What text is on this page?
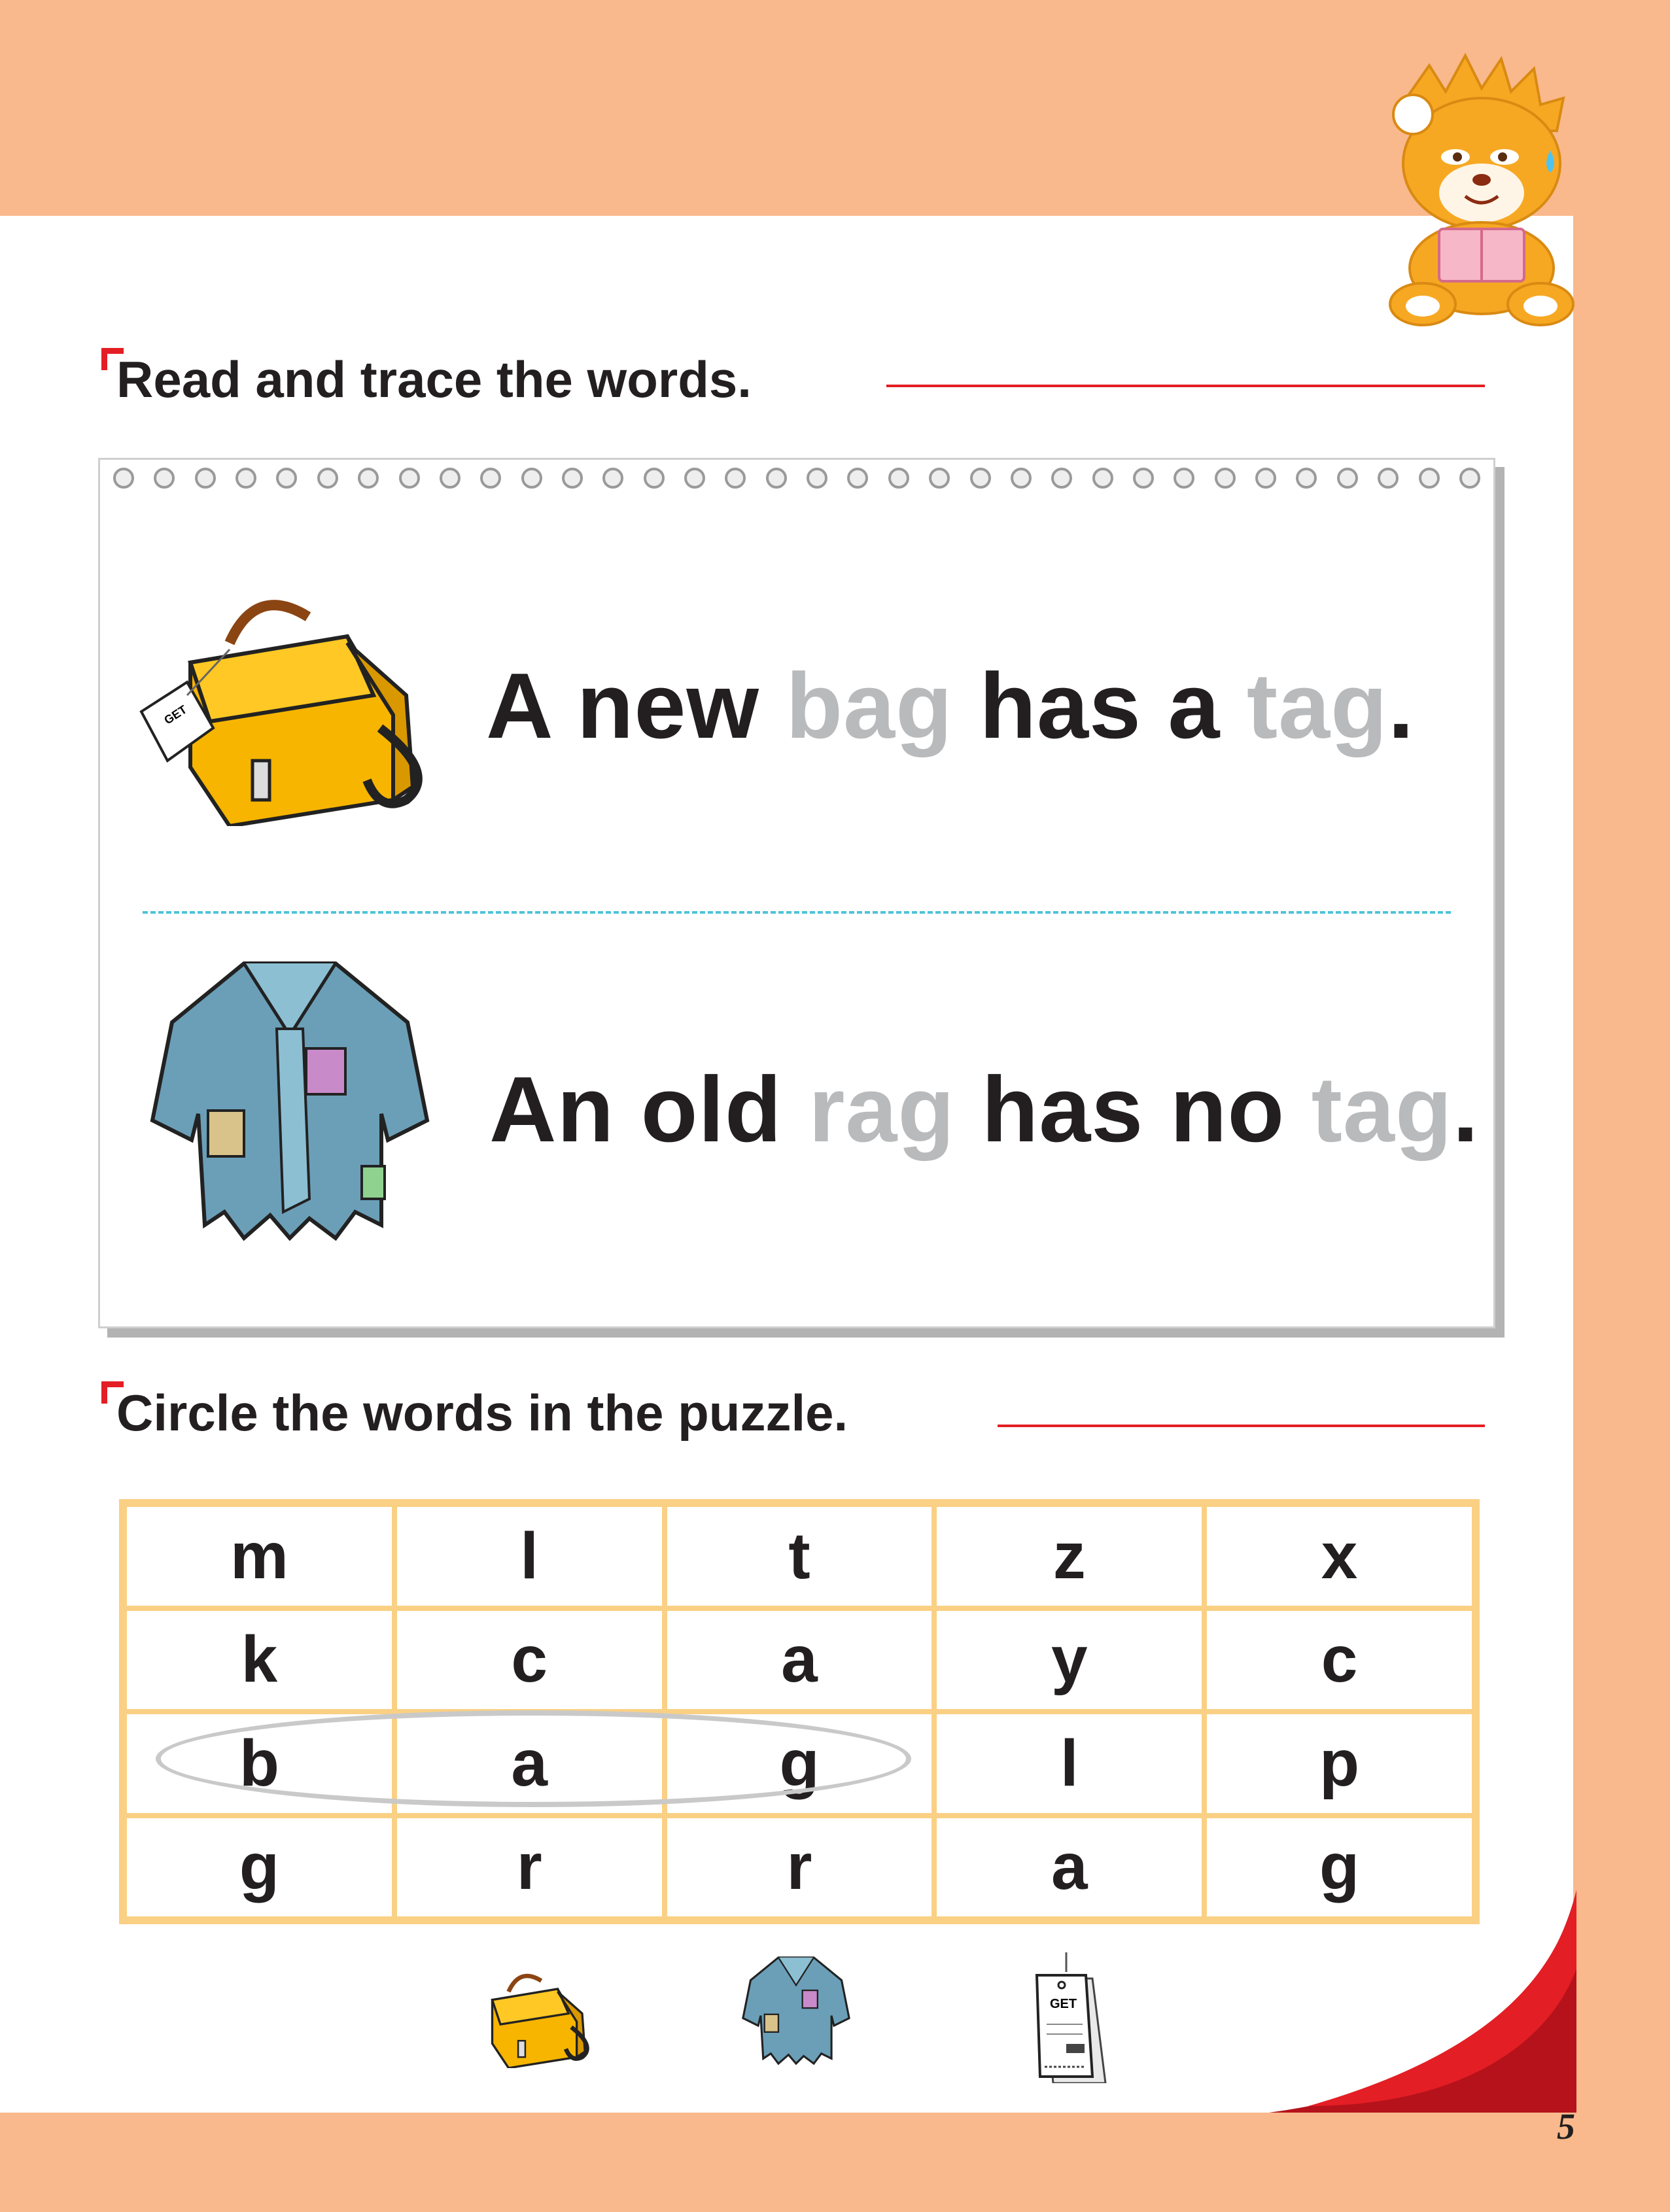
Read and trace the words.
GET	A new bag has a tag.
An old rag has no tag.
Circle the words in the puzzle.
m	l	t	z	x
k	c	a	y	c
b	a	g	l	p
g	r	r	a	g
GET
5
